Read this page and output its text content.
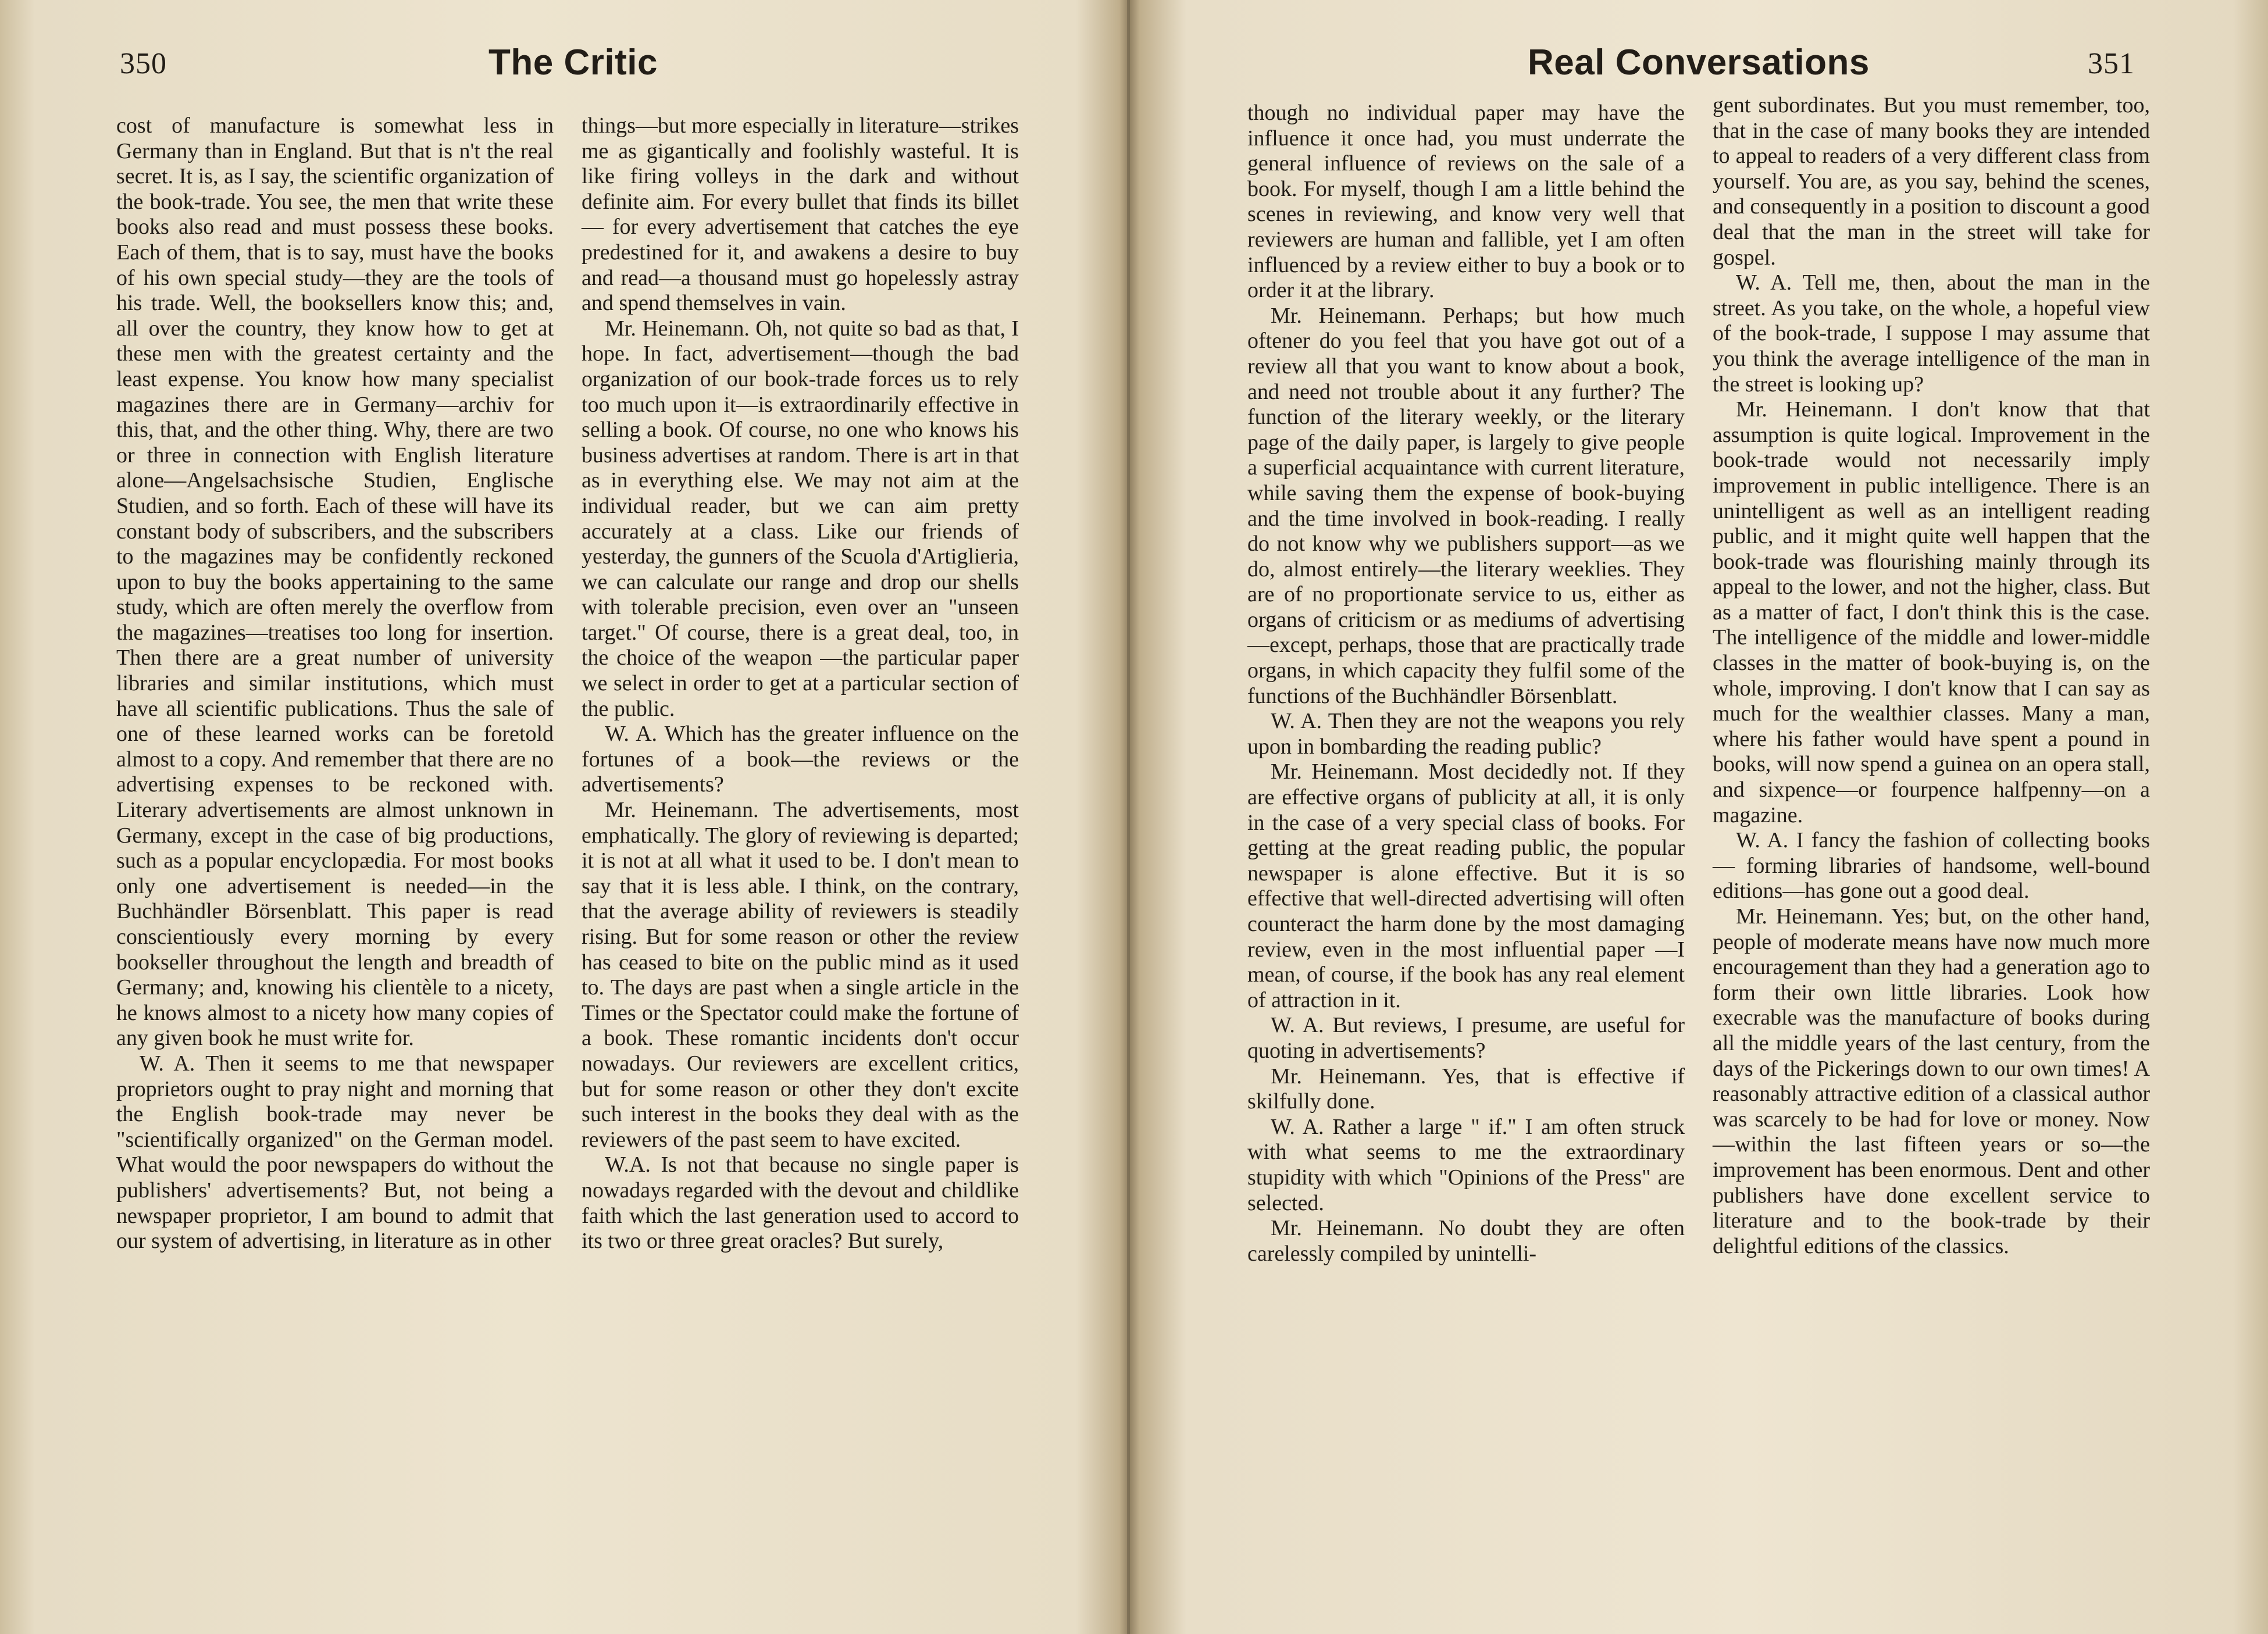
350	The Critic

cost of manufacture is somewhat less in Germany than in England. But that is n't the real secret. It is, as I say, the scientific organization of the book-trade. You see, the men that write these books also read and must possess these books. Each of them, that is to say, must have the books of his own special study—they are the tools of his trade. Well, the booksellers know this; and, all over the country, they know how to get at these men with the greatest certainty and the least expense. You know how many specialist magazines there are in Germany—archiv for this, that, and the other thing. Why, there are two or three in connection with English literature alone—Angelsachsische Studien, Englische Studien, and so forth. Each of these will have its constant body of subscribers, and the subscribers to the magazines may be confidently reckoned upon to buy the books appertaining to the same study, which are often merely the overflow from the magazines—treatises too long for insertion. Then there are a great number of university libraries and similar institutions, which must have all scientific publications. Thus the sale of one of these learned works can be foretold almost to a copy. And remember that there are no advertising expenses to be reckoned with. Literary advertisements are almost unknown in Germany, except in the case of big productions, such as a popular encyclopædia. For most books only one advertisement is needed—in the Buchhändler Börsenblatt. This paper is read conscientiously every morning by every bookseller throughout the length and breadth of Germany; and, knowing his clientèle to a nicety, he knows almost to a nicety how many copies of any given book he must write for.

W. A. Then it seems to me that newspaper proprietors ought to pray night and morning that the English book-trade may never be "scientifically organized" on the German model. What would the poor newspapers do without the publishers' advertisements? But, not being a newspaper proprietor, I am bound to admit that our system of advertising, in literature as in other

things—but more especially in literature—strikes me as gigantically and foolishly wasteful. It is like firing volleys in the dark and without definite aim. For every bullet that finds its billet — for every advertisement that catches the eye predestined for it, and awakens a desire to buy and read—a thousand must go hopelessly astray and spend themselves in vain.

Mr. Heinemann. Oh, not quite so bad as that, I hope. In fact, advertisement—though the bad organization of our book-trade forces us to rely too much upon it—is extraordinarily effective in selling a book. Of course, no one who knows his business advertises at random. There is art in that as in everything else. We may not aim at the individual reader, but we can aim pretty accurately at a class. Like our friends of yesterday, the gunners of the Scuola d'Artiglieria, we can calculate our range and drop our shells with tolerable precision, even over an "unseen target." Of course, there is a great deal, too, in the choice of the weapon —the particular paper we select in order to get at a particular section of the public.

W. A. Which has the greater influence on the fortunes of a book—the reviews or the advertisements?

Mr. Heinemann. The advertisements, most emphatically. The glory of reviewing is departed; it is not at all what it used to be. I don't mean to say that it is less able. I think, on the contrary, that the average ability of reviewers is steadily rising. But for some reason or other the review has ceased to bite on the public mind as it used to. The days are past when a single article in the Times or the Spectator could make the fortune of a book. These romantic incidents don't occur nowadays. Our reviewers are excellent critics, but for some reason or other they don't excite such interest in the books they deal with as the reviewers of the past seem to have excited.

W.A. Is not that because no single paper is nowadays regarded with the devout and childlike faith which the last generation used to accord to its two or three great oracles? But surely,

Real Conversations	351

though no individual paper may have the influence it once had, you must underrate the general influence of reviews on the sale of a book. For myself, though I am a little behind the scenes in reviewing, and know very well that reviewers are human and fallible, yet I am often influenced by a review either to buy a book or to order it at the library.

Mr. Heinemann. Perhaps; but how much oftener do you feel that you have got out of a review all that you want to know about a book, and need not trouble about it any further? The function of the literary weekly, or the literary page of the daily paper, is largely to give people a superficial acquaintance with current literature, while saving them the expense of book-buying and the time involved in book-reading. I really do not know why we publishers support—as we do, almost entirely—the literary weeklies. They are of no proportionate service to us, either as organs of criticism or as mediums of advertising—except, perhaps, those that are practically trade organs, in which capacity they fulfil some of the functions of the Buchhändler Börsenblatt.

W. A. Then they are not the weapons you rely upon in bombarding the reading public?

Mr. Heinemann. Most decidedly not. If they are effective organs of publicity at all, it is only in the case of a very special class of books. For getting at the great reading public, the popular newspaper is alone effective. But it is so effective that well-directed advertising will often counteract the harm done by the most damaging review, even in the most influential paper —I mean, of course, if the book has any real element of attraction in it.

W. A. But reviews, I presume, are useful for quoting in advertisements?

Mr. Heinemann. Yes, that is effective if skilfully done.

W. A. Rather a large " if." I am often struck with what seems to me the extraordinary stupidity with which "Opinions of the Press" are selected.

Mr. Heinemann. No doubt they are often carelessly compiled by unintelli-

gent subordinates. But you must remember, too, that in the case of many books they are intended to appeal to readers of a very different class from yourself. You are, as you say, behind the scenes, and consequently in a position to discount a good deal that the man in the street will take for gospel.

W. A. Tell me, then, about the man in the street. As you take, on the whole, a hopeful view of the book-trade, I suppose I may assume that you think the average intelligence of the man in the street is looking up?

Mr. Heinemann. I don't know that that assumption is quite logical. Improvement in the book-trade would not necessarily imply improvement in public intelligence. There is an unintelligent as well as an intelligent reading public, and it might quite well happen that the book-trade was flourishing mainly through its appeal to the lower, and not the higher, class. But as a matter of fact, I don't think this is the case. The intelligence of the middle and lower-middle classes in the matter of book-buying is, on the whole, improving. I don't know that I can say as much for the wealthier classes. Many a man, where his father would have spent a pound in books, will now spend a guinea on an opera stall, and sixpence—or fourpence halfpenny—on a magazine.

W. A. I fancy the fashion of collecting books — forming libraries of handsome, well-bound editions—has gone out a good deal.

Mr. Heinemann. Yes; but, on the other hand, people of moderate means have now much more encouragement than they had a generation ago to form their own little libraries. Look how execrable was the manufacture of books during all the middle years of the last century, from the days of the Pickerings down to our own times! A reasonably attractive edition of a classical author was scarcely to be had for love or money. Now—within the last fifteen years or so—the improvement has been enormous. Dent and other publishers have done excellent service to literature and to the book-trade by their delightful editions of the classics.
